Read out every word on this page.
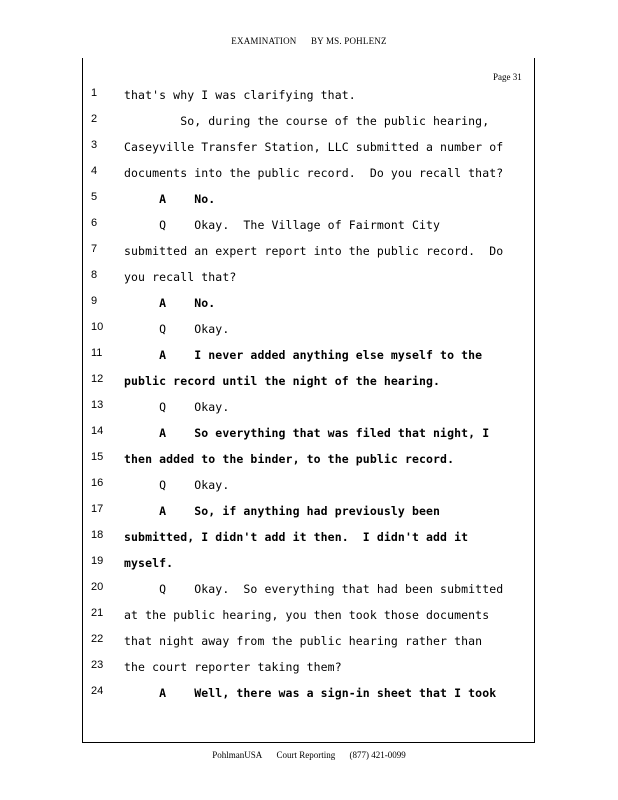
EXAMINATION BY MS. POHLENZ
Page 31
1	that's why I was clarifying that.
2	So, during the course of the public hearing,
3	Caseyville Transfer Station, LLC submitted a number of
4	documents into the public record.  Do you recall that?
5	A    No.
6	Q    Okay.  The Village of Fairmont City
7	submitted an expert report into the public record.  Do
8	you recall that?
9	A    No.
10	Q    Okay.
11	A    I never added anything else myself to the
12	public record until the night of the hearing.
13	Q    Okay.
14	A    So everything that was filed that night, I
15	then added to the binder, to the public record.
16	Q    Okay.
17	A    So, if anything had previously been
18	submitted, I didn't add it then.  I didn't add it
19	myself.
20	Q    Okay.  So everything that had been submitted
21	at the public hearing, you then took those documents
22	that night away from the public hearing rather than
23	the court reporter taking them?
24	A    Well, there was a sign-in sheet that I took
PohlmanUSA Court Reporting (877) 421-0099
